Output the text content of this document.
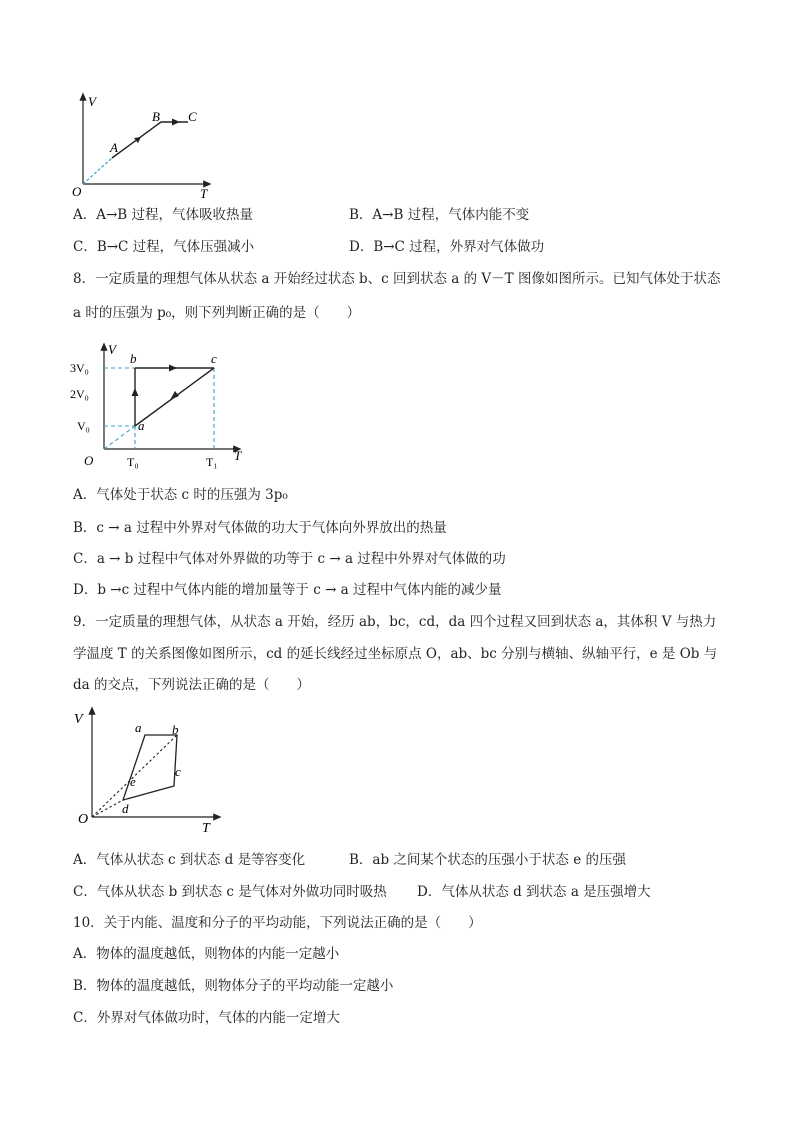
V
T
O
A
B C
A．A→B 过程，气体吸收热量	B．A→B 过程，气体内能不变
C．B→C 过程，气体压强减小	D．B→C 过程，外界对气体做功
8．一定质量的理想气体从状态 a 开始经过状态 b、c 回到状态 a 的 V－T 图像如图所示。已知气体处于状态
a 时的压强为 p₀，则下列判断正确的是（　　）
V
T
O
3V₀
2V₀
V₀
T₀	T₁
a
b	c
A．气体处于状态 c 时的压强为 3p₀
B．c → a 过程中外界对气体做的功大于气体向外界放出的热量
C．a → b 过程中气体对外界做的功等于 c → a 过程中外界对气体做的功
D．b →c 过程中气体内能的增加量等于 c → a 过程中气体内能的减少量
9．一定质量的理想气体，从状态 a 开始，经历 ab，bc，cd，da 四个过程又回到状态 a，其体积 V 与热力
学温度 T 的关系图像如图所示，cd 的延长线经过坐标原点 O，ab、bc 分别与横轴、纵轴平行，e 是 Ob 与
da 的交点，下列说法正确的是（　　）
V
T
O
a b
c
d
e
A．气体从状态 c 到状态 d 是等容变化	B．ab 之间某个状态的压强小于状态 e 的压强
C．气体从状态 b 到状态 c 是气体对外做功同时吸热 D．气体从状态 d 到状态 a 是压强增大
10．关于内能、温度和分子的平均动能，下列说法正确的是（　　）
A．物体的温度越低，则物体的内能一定越小
B．物体的温度越低，则物体分子的平均动能一定越小
C．外界对气体做功时，气体的内能一定增大
